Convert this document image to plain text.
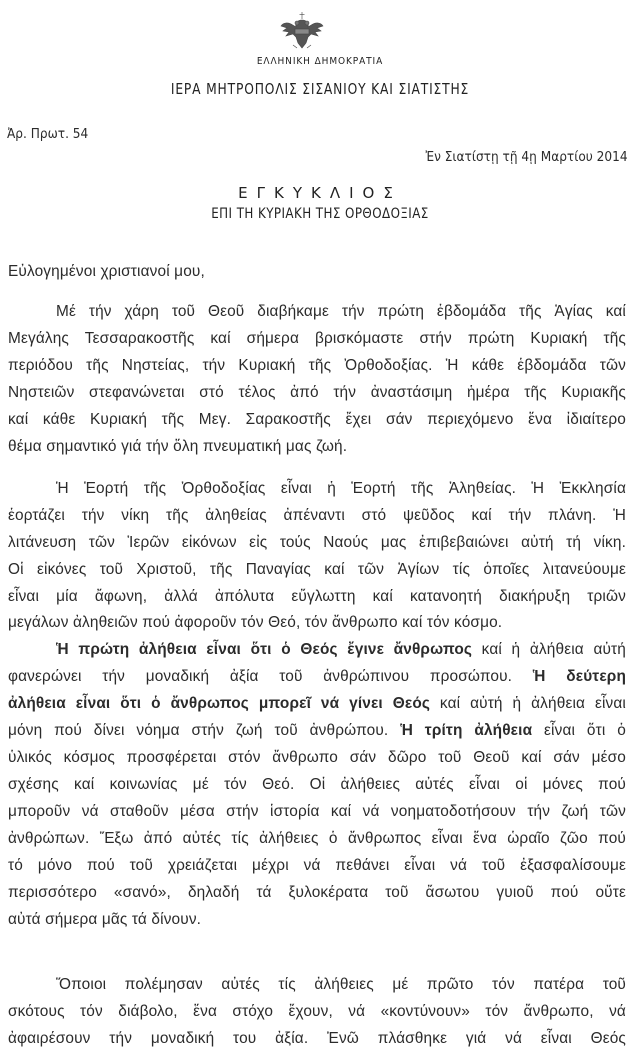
ΕΛΛΗΝΙΚΗ ΔΗΜΟΚΡΑΤΙΑ
ΙΕΡΑ ΜΗΤΡΟΠΟΛΙΣ ΣΙΣΑΝΙΟΥ ΚΑΙ ΣΙΑΤΙΣΤΗΣ
Ἀρ. Πρωτ. 54
Ἐν Σιατίστῃ τῇ 4ῃ Μαρτίου 2014
ΕΓΚΥΚΛΙΟΣ
ΕΠΙ ΤΗ ΚΥΡΙΑΚΗ ΤΗΣ ΟΡΘΟΔΟΞΙΑΣ
Εὐλογημένοι χριστιανοί μου,
Μέ τήν χάρη τοῦ Θεοῦ διαβήκαμε τήν πρώτη ἑβδομάδα τῆς Ἁγίας καί
Μεγάλης Τεσσαρακοστῆς καί σήμερα βρισκόμαστε στήν πρώτη Κυριακή τῆς
περιόδου τῆς Νηστείας, τήν Κυριακή τῆς Ὀρθοδοξίας. Ἡ κάθε ἑβδομάδα τῶν
Νηστειῶν στεφανώνεται στό τέλος ἀπό τήν ἀναστάσιμη ἡμέρα τῆς Κυριακῆς
καί κάθε Κυριακή τῆς Μεγ. Σαρακοστῆς ἔχει σάν περιεχόμενο ἕνα ἰδιαίτερο
θέμα σημαντικό γιά τήν ὅλη πνευματική μας ζωή.
Ἡ Ἑορτή τῆς Ὀρθοδοξίας εἶναι ἡ Ἑορτή τῆς Ἀληθείας. Ἡ Ἐκκλησία
ἑορτάζει τήν νίκη τῆς ἀληθείας ἀπέναντι στό ψεῦδος καί τήν πλάνη. Ἡ
λιτάνευση τῶν Ἱερῶν εἰκόνων εἰς τούς Ναούς μας ἐπιβεβαιώνει αὐτή τή νίκη.
Οἱ εἰκόνες τοῦ Χριστοῦ, τῆς Παναγίας καί τῶν Ἁγίων τίς ὁποῖες λιτανεύουμε
εἶναι μία ἄφωνη, ἀλλά ἀπόλυτα εὔγλωττη καί κατανοητή διακήρυξη τριῶν
μεγάλων ἀληθειῶν πού ἀφοροῦν τόν Θεό, τόν ἄνθρωπο καί τόν κόσμο.
Ἡ πρώτη ἀλήθεια εἶναι ὅτι ὁ Θεός ἔγινε ἄνθρωπος καί ἡ ἀλήθεια αὐτή
φανερώνει τήν μοναδική ἀξία τοῦ ἀνθρώπινου προσώπου. Ἡ δεύτερη
ἀλήθεια εἶναι ὅτι ὁ ἄνθρωπος μπορεῖ νά γίνει Θεός καί αὐτή ἡ ἀλήθεια εἶναι
μόνη πού δίνει νόημα στήν ζωή τοῦ ἀνθρώπου. Ἡ τρίτη ἀλήθεια εἶναι ὅτι ὁ
ὑλικός κόσμος προσφέρεται στόν ἄνθρωπο σάν δῶρο τοῦ Θεοῦ καί σάν μέσο
σχέσης καί κοινωνίας μέ τόν Θεό. Οἱ ἀλήθειες αὐτές εἶναι οἱ μόνες πού
μποροῦν νά σταθοῦν μέσα στήν ἱστορία καί νά νοηματοδοτήσουν τήν ζωή τῶν
ἀνθρώπων. Ἔξω ἀπό αὐτές τίς ἀλήθειες ὁ ἄνθρωπος εἶναι ἕνα ὡραῖο ζῶο πού
τό μόνο πού τοῦ χρειάζεται μέχρι νά πεθάνει εἶναι νά τοῦ ἐξασφαλίσουμε
περισσότερο «σανό», δηλαδή τά ξυλοκέρατα τοῦ ἄσωτου γυιοῦ πού οὔτε
αὐτά σήμερα μᾶς τά δίνουν.
Ὅποιοι πολέμησαν αὐτές τίς ἀλήθειες μέ πρῶτο τόν πατέρα τοῦ
σκότους τόν διάβολο, ἕνα στόχο ἔχουν, νά «κοντύνουν» τόν ἄνθρωπο, νά
ἀφαιρέσουν τήν μοναδική του ἀξία. Ἐνῶ πλάσθηκε γιά νά εἶναι Θεός
